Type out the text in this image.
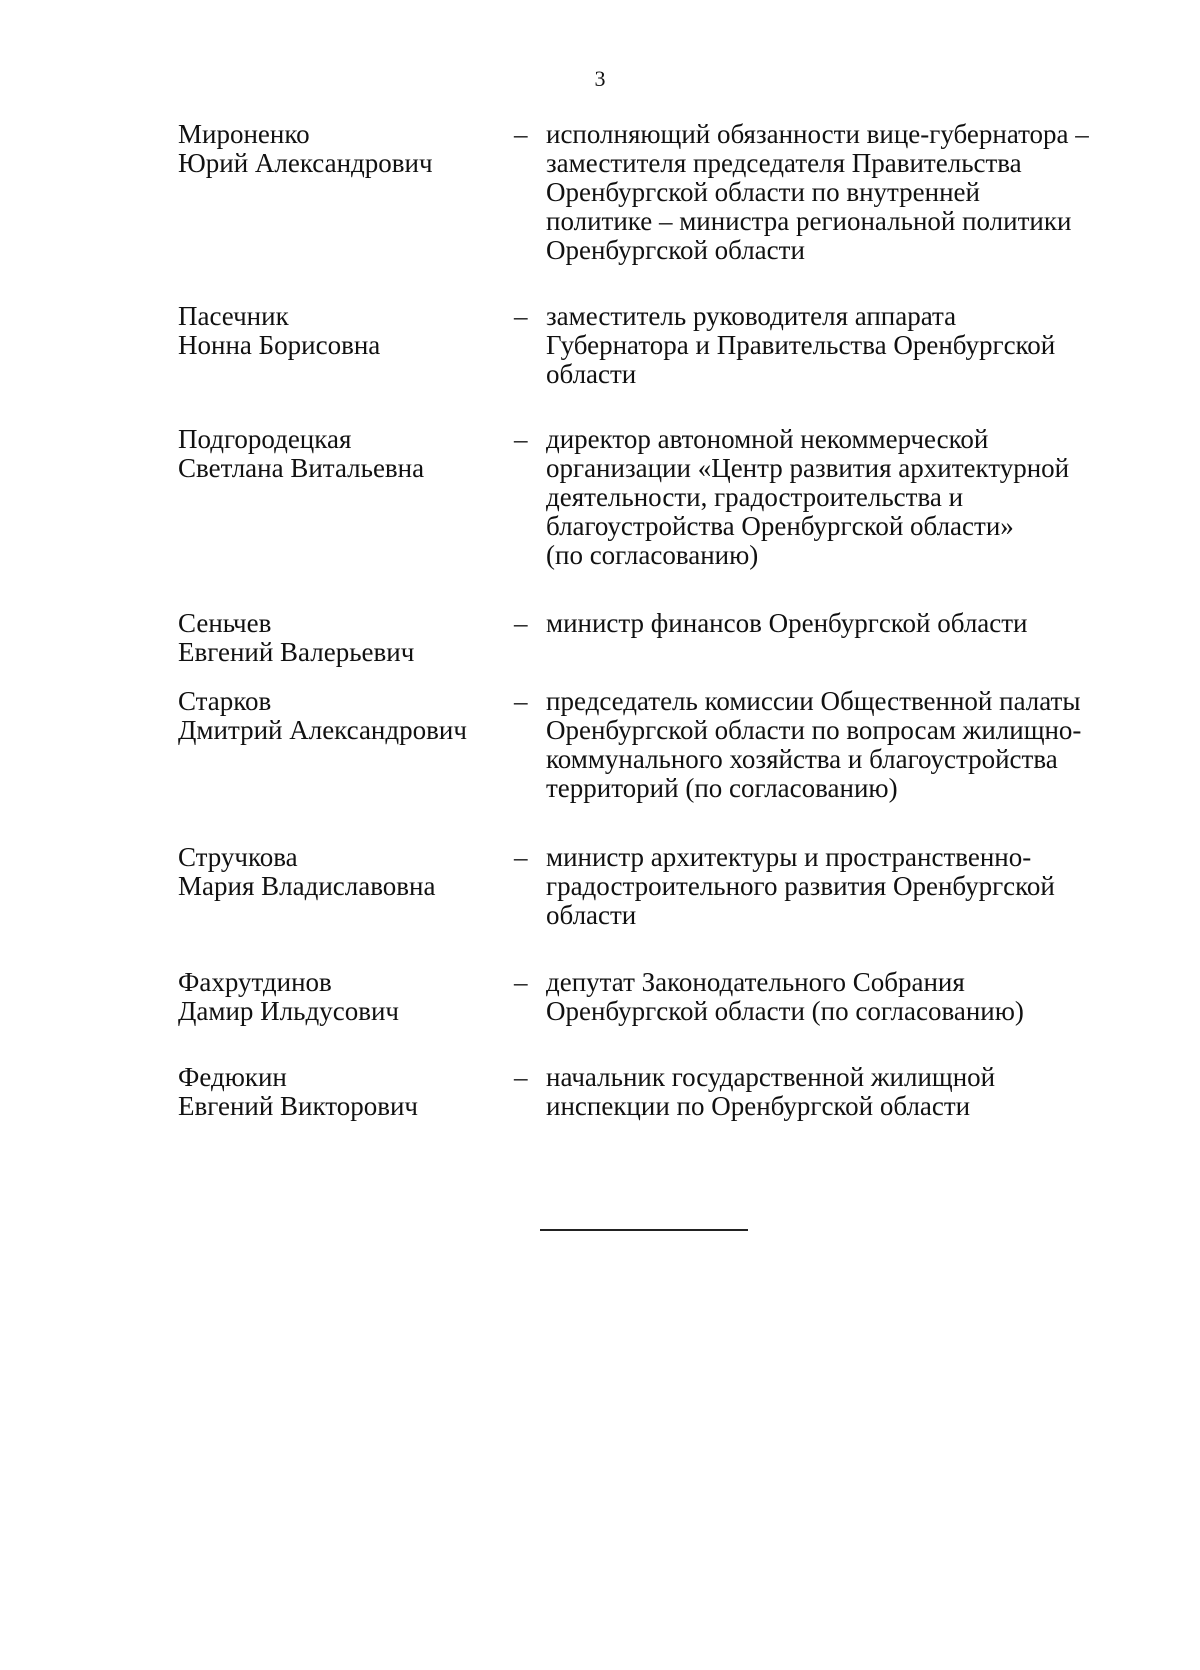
3
Мироненко
Юрий Александрович
– исполняющий обязанности вице-губернатора –
заместителя председателя Правительства
Оренбургской области по внутренней
политике – министра региональной политики
Оренбургской области
Пасечник
Нонна Борисовна
– заместитель руководителя аппарата
Губернатора и Правительства Оренбургской
области
Подгородецкая
Светлана Витальевна
– директор автономной некоммерческой
организации «Центр развития архитектурной
деятельности, градостроительства и
благоустройства Оренбургской области»
(по согласованию)
Сеньчев
Евгений Валерьевич
– министр финансов Оренбургской области
Старков
Дмитрий Александрович
– председатель комиссии Общественной палаты
Оренбургской области по вопросам жилищно-
коммунального хозяйства и благоустройства
территорий (по согласованию)
Стручкова
Мария Владиславовна
– министр архитектуры и пространственно-
градостроительного развития Оренбургской
области
Фахрутдинов
Дамир Ильдусович
– депутат Законодательного Собрания
Оренбургской области (по согласованию)
Федюкин
Евгений Викторович
– начальник государственной жилищной
инспекции по Оренбургской области
